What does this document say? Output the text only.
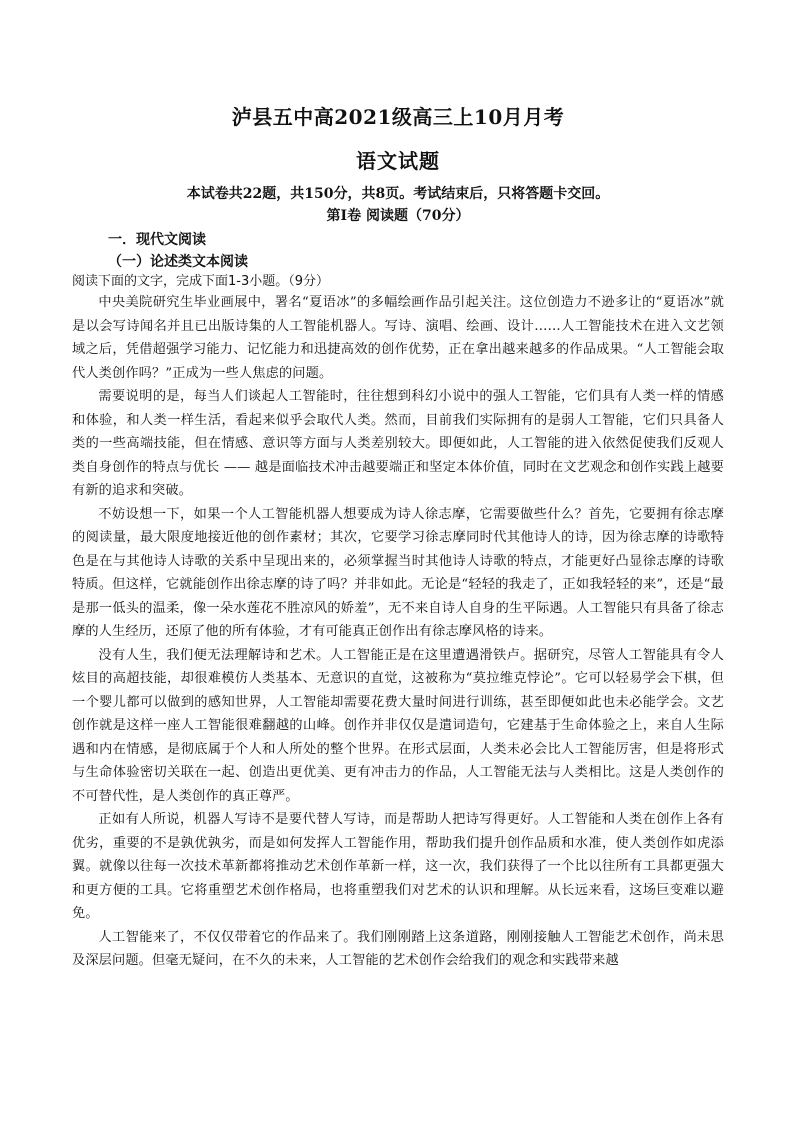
泸县五中高2021级高三上10月月考
语文试题

本试卷共22题，共150分，共8页。考试结束后，只将答题卡交回。

第Ⅰ卷 阅读题（70分）

一．现代文阅读

（一）论述类文本阅读

阅读下面的文字，完成下面1-3小题。（9分）

中央美院研究生毕业画展中，署名“夏语冰”的多幅绘画作品引起关注。这位创造力不逊多让的“夏语冰”就是以会写诗闻名并且已出版诗集的人工智能机器人。写诗、演唱、绘画、设计……人工智能技术在进入文艺领域之后，凭借超强学习能力、记忆能力和迅捷高效的创作优势，正在拿出越来越多的作品成果。“人工智能会取代人类创作吗？”正成为一些人焦虑的问题。

需要说明的是，每当人们谈起人工智能时，往往想到科幻小说中的强人工智能，它们具有人类一样的情感和体验，和人类一样生活，看起来似乎会取代人类。然而，目前我们实际拥有的是弱人工智能，它们只具备人类的一些高端技能，但在情感、意识等方面与人类差别较大。即便如此，人工智能的进入依然促使我们反观人类自身创作的特点与优长 —— 越是面临技术冲击越要端正和坚定本体价值，同时在文艺观念和创作实践上越要有新的追求和突破。

不妨设想一下，如果一个人工智能机器人想要成为诗人徐志摩，它需要做些什么？首先，它要拥有徐志摩的阅读量，最大限度地接近他的创作素材；其次，它要学习徐志摩同时代其他诗人的诗，因为徐志摩的诗歌特色是在与其他诗人诗歌的关系中呈现出来的，必须掌握当时其他诗人诗歌的特点，才能更好凸显徐志摩的诗歌特质。但这样，它就能创作出徐志摩的诗了吗？并非如此。无论是“轻轻的我走了，正如我轻轻的来”，还是“最是那一低头的温柔，像一朵水莲花不胜凉风的娇羞”，无不来自诗人自身的生平际遇。人工智能只有具备了徐志摩的人生经历，还原了他的所有体验，才有可能真正创作出有徐志摩风格的诗来。

没有人生，我们便无法理解诗和艺术。人工智能正是在这里遭遇滑铁卢。据研究，尽管人工智能具有令人炫目的高超技能，却很难模仿人类基本、无意识的直觉，这被称为“莫拉维克悖论”。它可以轻易学会下棋，但一个婴儿都可以做到的感知世界，人工智能却需要花费大量时间进行训练，甚至即便如此也未必能学会。文艺创作就是这样一座人工智能很难翻越的山峰。创作并非仅仅是遣词造句，它建基于生命体验之上，来自人生际遇和内在情感，是彻底属于个人和人所处的整个世界。在形式层面，人类未必会比人工智能厉害，但是将形式与生命体验密切关联在一起、创造出更优美、更有冲击力的作品，人工智能无法与人类相比。这是人类创作的不可替代性，是人类创作的真正尊严。

正如有人所说，机器人写诗不是要代替人写诗，而是帮助人把诗写得更好。人工智能和人类在创作上各有优劣，重要的不是孰优孰劣，而是如何发挥人工智能作用，帮助我们提升创作品质和水准，使人类创作如虎添翼。就像以往每一次技术革新都将推动艺术创作革新一样，这一次，我们获得了一个比以往所有工具都更强大和更方便的工具。它将重塑艺术创作格局，也将重塑我们对艺术的认识和理解。从长远来看，这场巨变难以避免。

人工智能来了，不仅仅带着它的作品来了。我们刚刚踏上这条道路，刚刚接触人工智能艺术创作，尚未思及深层问题。但毫无疑问，在不久的未来，人工智能的艺术创作会给我们的观念和实践带来越
